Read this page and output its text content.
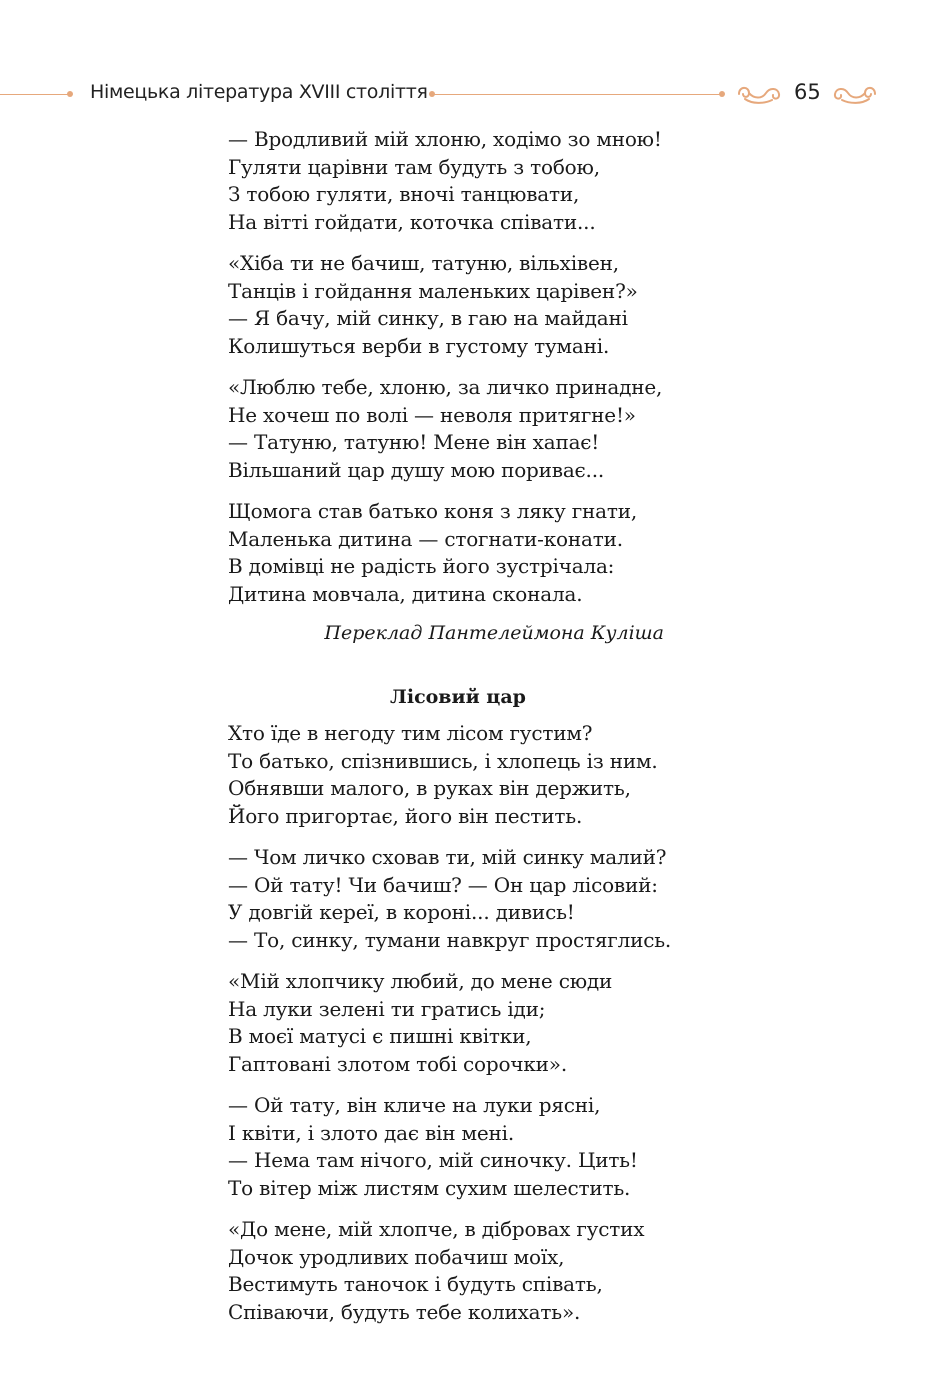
Німецька література XVIII століття	65
— Вродливий мій хлоню, ходімо зо мною!
Гуляти царівни там будуть з тобою,
З тобою гуляти, вночі танцювати,
На вітті гойдати, коточка співати...
«Хіба ти не бачиш, татуню, вільхівен,
Танців і гойдання маленьких царівен?»
— Я бачу, мій синку, в гаю на майдані
Колишуться верби в густому тумані.
«Люблю тебе, хлоню, за личко принадне,
Не хочеш по волі — неволя притягне!»
— Татуню, татуню! Мене він хапає!
Вільшаний цар душу мою пориває...
Щомога став батько коня з ляку гнати,
Маленька дитина — стогнати-конати.
В домівці не радість його зустрічала:
Дитина мовчала, дитина сконала.
Переклад Пантелеймона Куліша
Лісовий цар
Хто їде в негоду тим лісом густим?
То батько, спізнившись, і хлопець із ним.
Обнявши малого, в руках він держить,
Його пригортає, його він пестить.
— Чом личко сховав ти, мій синку малий?
— Ой тату! Чи бачиш? — Он цар лісовий:
У довгій кереї, в короні... дивись!
— То, синку, тумани навкруг простяглись.
«Мій хлопчику любий, до мене сюди
На луки зелені ти гратись іди;
В моєї матусі є пишні квітки,
Гаптовані злотом тобі сорочки».
— Ой тату, він кличе на луки рясні,
І квіти, і злото дає він мені.
— Нема там нічого, мій синочку. Цить!
То вітер між листям сухим шелестить.
«До мене, мій хлопче, в дібровах густих
Дочок уродливих побачиш моїх,
Вестимуть таночок і будуть співать,
Співаючи, будуть тебе колихать».
